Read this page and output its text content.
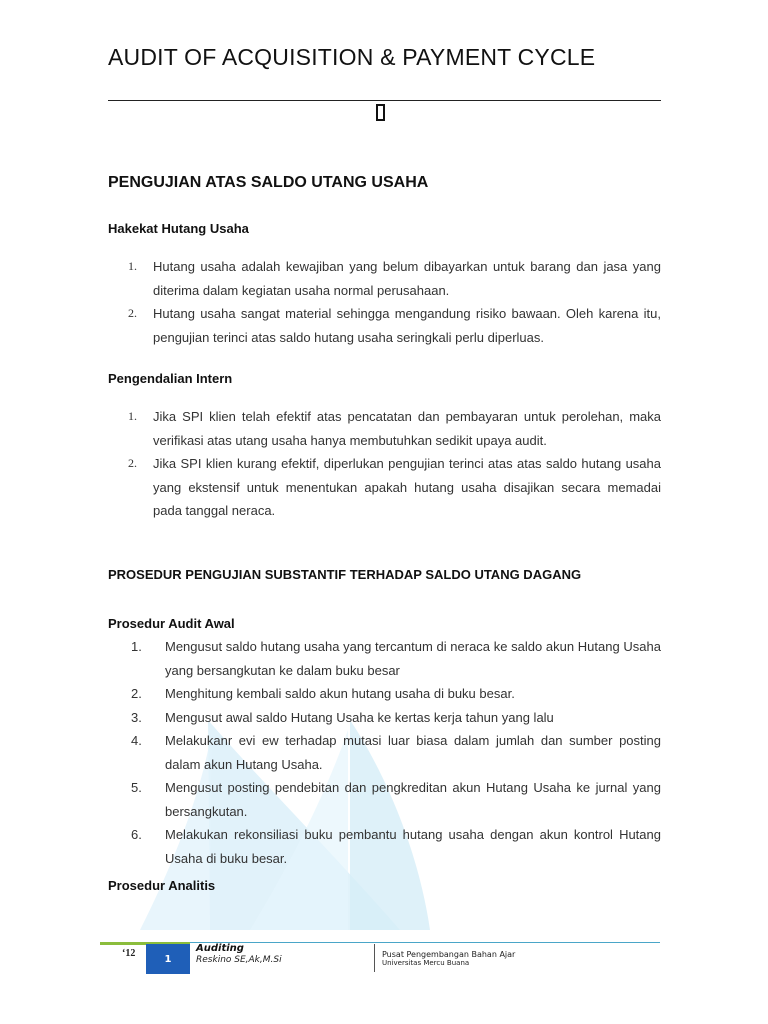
AUDIT OF ACQUISITION & PAYMENT CYCLE
PENGUJIAN ATAS SALDO UTANG USAHA
Hakekat Hutang Usaha
1. Hutang usaha adalah kewajiban yang belum dibayarkan untuk barang dan jasa yang diterima dalam kegiatan usaha normal perusahaan.
2. Hutang usaha sangat material sehingga mengandung risiko bawaan. Oleh karena itu, pengujian terinci atas saldo hutang usaha seringkali perlu diperluas.
Pengendalian Intern
1. Jika SPI klien telah efektif atas pencatatan dan pembayaran untuk perolehan, maka verifikasi atas utang usaha hanya membutuhkan sedikit upaya audit.
2. Jika SPI klien kurang efektif, diperlukan pengujian terinci atas atas saldo hutang usaha yang ekstensif untuk menentukan apakah hutang usaha disajikan secara memadai pada tanggal neraca.
PROSEDUR PENGUJIAN SUBSTANTIF TERHADAP SALDO UTANG DAGANG
Prosedur Audit Awal
1. Mengusut saldo hutang usaha yang tercantum di neraca ke saldo akun Hutang Usaha yang bersangkutan ke dalam buku besar
2. Menghitung kembali saldo akun hutang usaha di buku besar.
3. Mengusut awal saldo Hutang Usaha ke kertas kerja tahun yang lalu
4. Melakukanr evi ew terhadap mutasi luar biasa dalam jumlah dan sumber posting dalam akun Hutang Usaha.
5. Mengusut posting pendebitan dan pengkreditan akun Hutang Usaha ke jurnal yang bersangkutan.
6. Melakukan rekonsiliasi buku pembantu hutang usaha dengan akun kontrol Hutang Usaha di buku besar.
Prosedur Analitis
‘12
1
Auditing
Reskino SE,Ak,M.Si
Pusat Pengembangan Bahan Ajar
Universitas Mercu Buana
